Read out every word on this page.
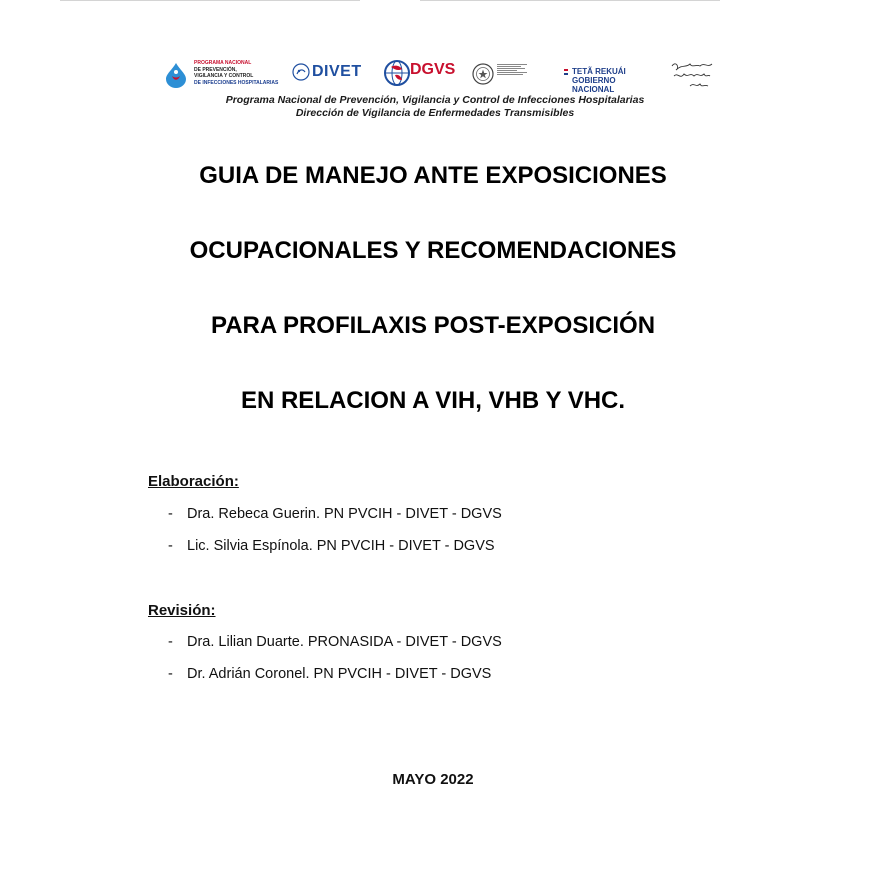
PROGRAMA NACIONAL
DE PREVENCIÓN,
VIGILANCIA Y CONTROL
DE INFECCIONES HOSPITALARIAS
DIVET	DGVS	TETÃ REKUÁI
GOBIERNO NACIONAL
Programa Nacional de Prevención, Vigilancia y Control de Infecciones Hospitalarias
Dirección de Vigilancia de Enfermedades Transmisibles
GUIA DE MANEJO ANTE EXPOSICIONES
OCUPACIONALES Y RECOMENDACIONES
PARA PROFILAXIS POST-EXPOSICIÓN
EN RELACION A VIH, VHB Y VHC.
Elaboración:
- Dra. Rebeca Guerin. PN PVCIH - DIVET - DGVS
- Lic. Silvia Espínola. PN PVCIH - DIVET - DGVS
Revisión:
- Dra. Lilian Duarte. PRONASIDA - DIVET - DGVS
- Dr. Adrián Coronel. PN PVCIH - DIVET - DGVS
MAYO 2022
